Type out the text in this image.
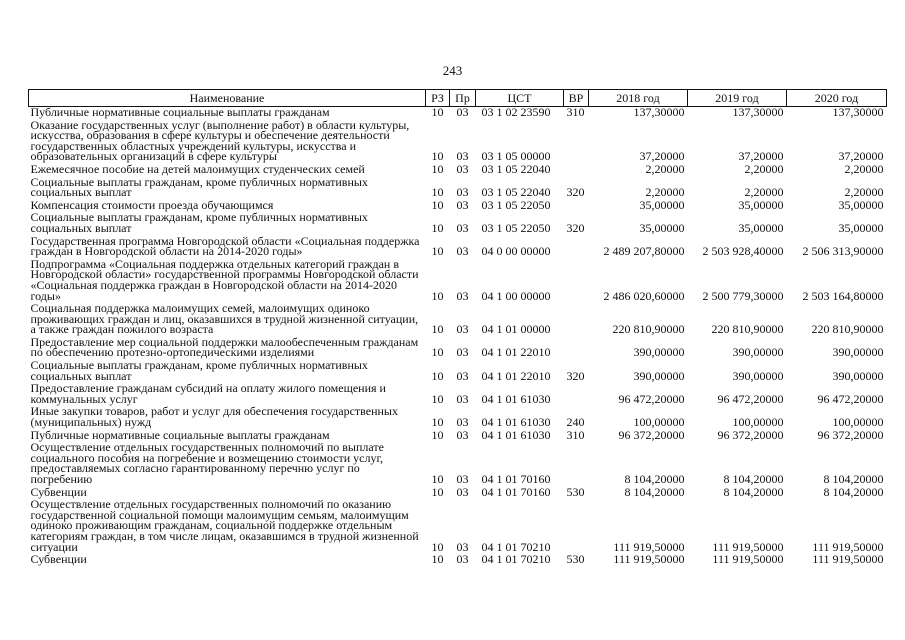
243
Наименование	РЗ	Пр	ЦСТ	ВР	2018 год	2019 год	2020 год
Публичные нормативные социальные выплаты гражданам	10	03	03 1 02 23590	310	137,30000	137,30000	137,30000
Оказание государственных услуг (выполнение работ) в области культуры, искусства, образования в сфере культуры и обеспечение деятельности государственных областных учреждений культуры, искусства и образовательных организаций в сфере культуры	10	03	03 1 05 00000		37,20000	37,20000	37,20000
Ежемесячное пособие на детей малоимущих студенческих семей	10	03	03 1 05 22040		2,20000	2,20000	2,20000
Социальные выплаты гражданам, кроме публичных нормативных социальных выплат	10	03	03 1 05 22040	320	2,20000	2,20000	2,20000
Компенсация стоимости проезда обучающимся	10	03	03 1 05 22050		35,00000	35,00000	35,00000
Социальные выплаты гражданам, кроме публичных нормативных социальных выплат	10	03	03 1 05 22050	320	35,00000	35,00000	35,00000
Государственная программа Новгородской области «Социальная поддержка граждан в Новгородской области на 2014-2020 годы»	10	03	04 0 00 00000		2 489 207,80000	2 503 928,40000	2 506 313,90000
Подпрограмма «Социальная поддержка отдельных категорий граждан в Новгородской области» государственной программы Новгородской области «Социальная поддержка граждан в Новгородской области на 2014-2020 годы»	10	03	04 1 00 00000		2 486 020,60000	2 500 779,30000	2 503 164,80000
Социальная поддержка малоимущих семей, малоимущих одиноко проживающих граждан и лиц, оказавшихся в трудной жизненной ситуации, а также граждан пожилого возраста	10	03	04 1 01 00000		220 810,90000	220 810,90000	220 810,90000
Предоставление мер социальной поддержки малообеспеченным гражданам по обеспечению протезно-ортопедическими изделиями	10	03	04 1 01 22010		390,00000	390,00000	390,00000
Социальные выплаты гражданам, кроме публичных нормативных социальных выплат	10	03	04 1 01 22010	320	390,00000	390,00000	390,00000
Предоставление гражданам субсидий на оплату жилого помещения и коммунальных услуг	10	03	04 1 01 61030		96 472,20000	96 472,20000	96 472,20000
Иные закупки товаров, работ и услуг для обеспечения государственных (муниципальных) нужд	10	03	04 1 01 61030	240	100,00000	100,00000	100,00000
Публичные нормативные социальные выплаты гражданам	10	03	04 1 01 61030	310	96 372,20000	96 372,20000	96 372,20000
Осуществление отдельных государственных полномочий по выплате социального пособия на погребение и возмещению стоимости услуг, предоставляемых согласно гарантированному перечню услуг по погребению	10	03	04 1 01 70160		8 104,20000	8 104,20000	8 104,20000
Субвенции	10	03	04 1 01 70160	530	8 104,20000	8 104,20000	8 104,20000
Осуществление отдельных государственных полномочий по оказанию государственной социальной помощи малоимущим семьям, малоимущим одиноко проживающим гражданам, социальной поддержке отдельным категориям граждан, в том числе лицам, оказавшимся в трудной жизненной ситуации	10	03	04 1 01 70210		111 919,50000	111 919,50000	111 919,50000
Субвенции	10	03	04 1 01 70210	530	111 919,50000	111 919,50000	111 919,50000
